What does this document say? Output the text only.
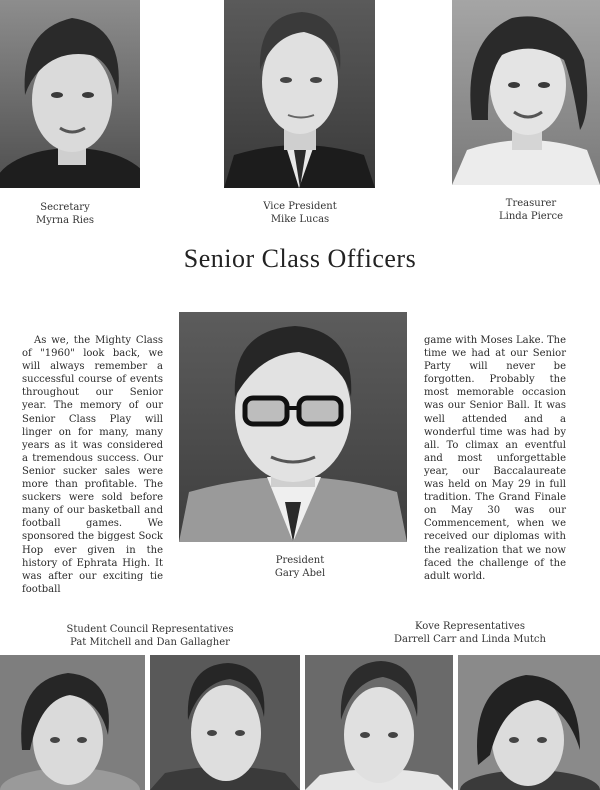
Secretary
Myrna Ries
Vice President
Mike Lucas
Treasurer
Linda Pierce
Senior Class Officers

As we, the Mighty Class of "1960" look back, we will always remember a successful course of events throughout our Senior year. The memory of our Senior Class Play will linger on for many, many years as it was considered a tremendous success. Our Senior sucker sales were more than profitable. The suckers were sold before many of our basketball and football games. We sponsored the biggest Sock Hop ever given in the history of Ephrata High. It was after our exciting tie football

game with Moses Lake. The time we had at our Senior Party will never be forgotten. Probably the most memorable occasion was our Senior Ball. It was well attended and a wonderful time was had by all. To climax an eventful and most unforgettable year, our Baccalaureate was held on May 29 in full tradition. The Grand Finale on May 30 was our Commencement, when we received our diplomas with the realization that we now faced the challenge of the adult world.

President
Gary Abel
Student Council Representatives
Pat Mitchell and Dan Gallagher
Kove Representatives
Darrell Carr and Linda Mutch
